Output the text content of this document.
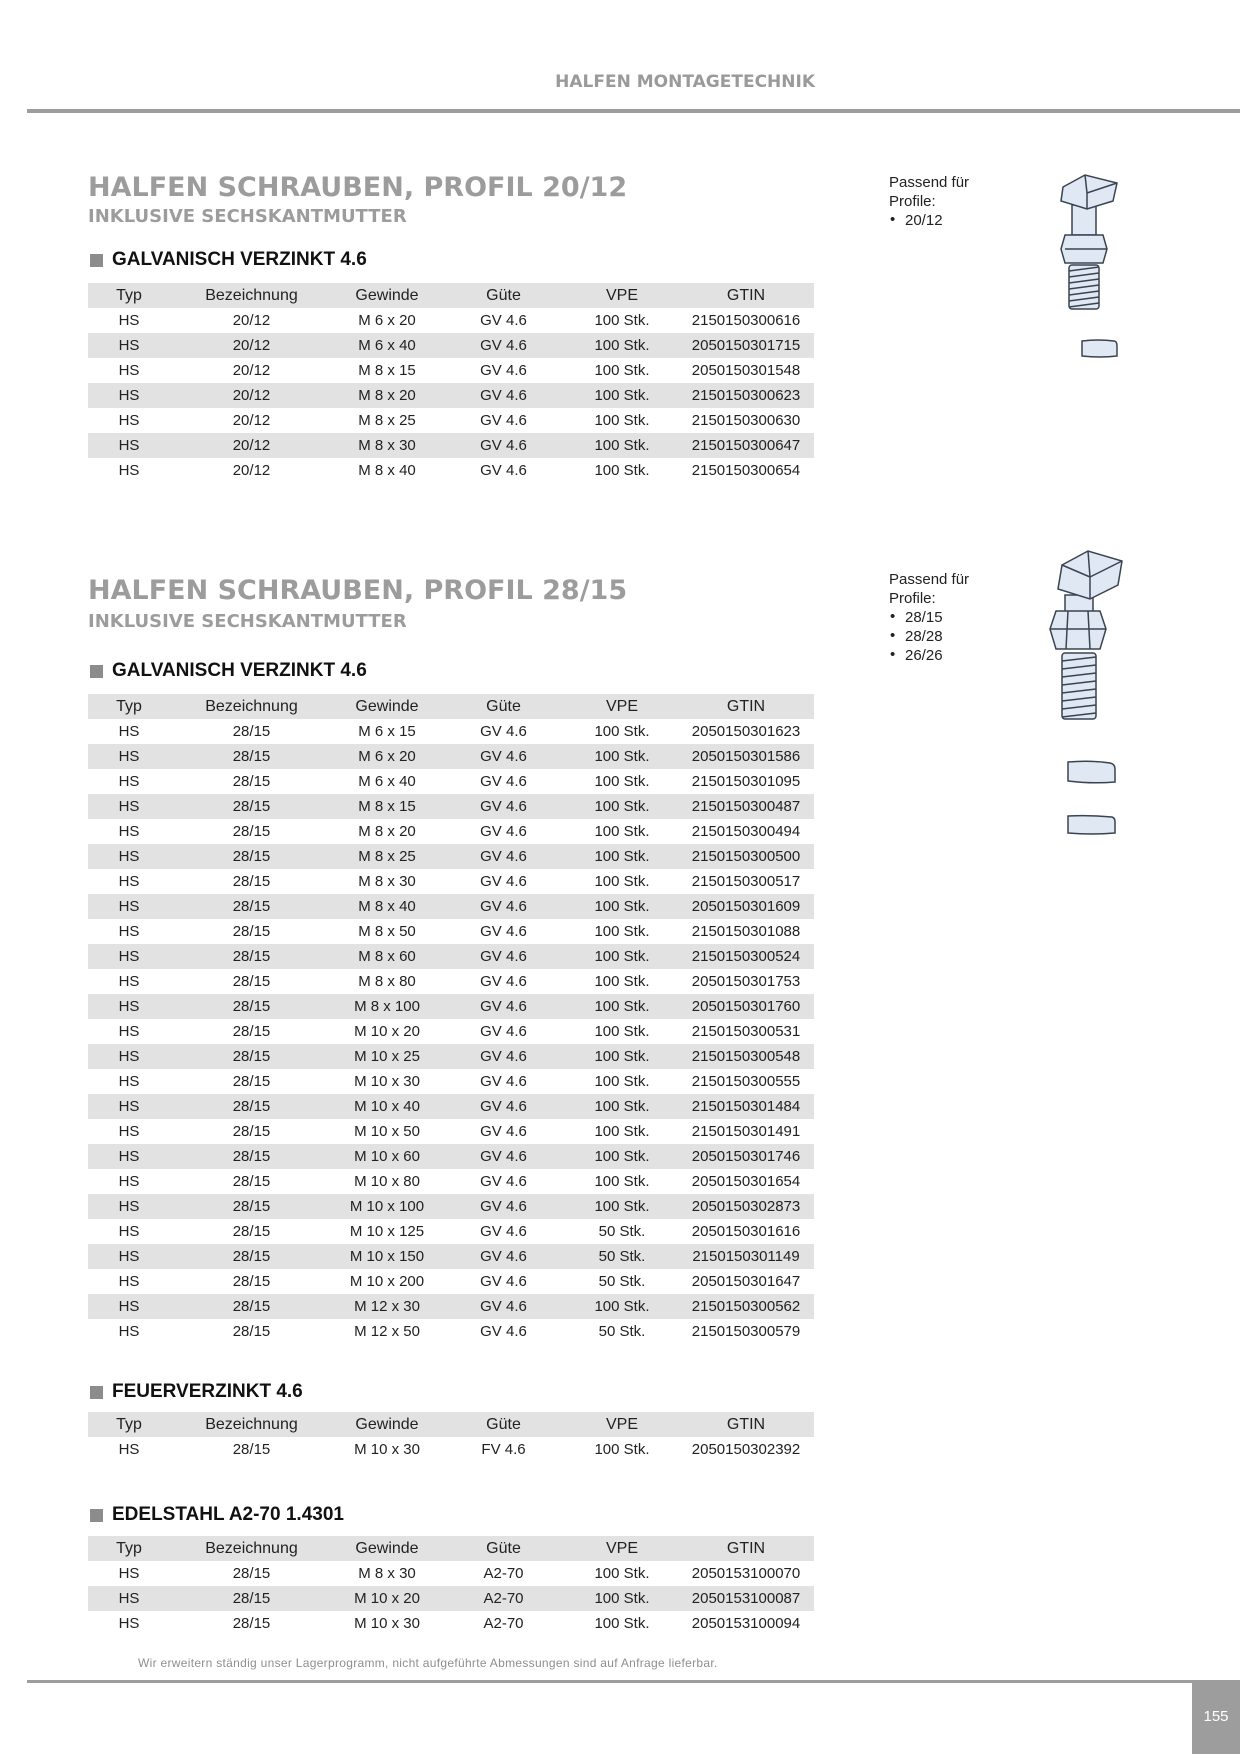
HALFEN MONTAGETECHNIK
HALFEN SCHRAUBEN, PROFIL 20/12
INKLUSIVE SECHSKANTMUTTER
GALVANISCH VERZINKT 4.6
Typ	Bezeichnung	Gewinde	Güte	VPE	GTIN
HS	20/12	M 6 x 20	GV 4.6	100 Stk.	2150150300616
HS	20/12	M 6 x 40	GV 4.6	100 Stk.	2050150301715
HS	20/12	M 8 x 15	GV 4.6	100 Stk.	2050150301548
HS	20/12	M 8 x 20	GV 4.6	100 Stk.	2150150300623
HS	20/12	M 8 x 25	GV 4.6	100 Stk.	2150150300630
HS	20/12	M 8 x 30	GV 4.6	100 Stk.	2150150300647
HS	20/12	M 8 x 40	GV 4.6	100 Stk.	2150150300654
Passend für Profile:
• 20/12
HALFEN SCHRAUBEN, PROFIL 28/15
INKLUSIVE SECHSKANTMUTTER
GALVANISCH VERZINKT 4.6
Typ	Bezeichnung	Gewinde	Güte	VPE	GTIN
HS	28/15	M 6 x 15	GV 4.6	100 Stk.	2050150301623
HS	28/15	M 6 x 20	GV 4.6	100 Stk.	2050150301586
HS	28/15	M 6 x 40	GV 4.6	100 Stk.	2150150301095
HS	28/15	M 8 x 15	GV 4.6	100 Stk.	2150150300487
HS	28/15	M 8 x 20	GV 4.6	100 Stk.	2150150300494
HS	28/15	M 8 x 25	GV 4.6	100 Stk.	2150150300500
HS	28/15	M 8 x 30	GV 4.6	100 Stk.	2150150300517
HS	28/15	M 8 x 40	GV 4.6	100 Stk.	2050150301609
HS	28/15	M 8 x 50	GV 4.6	100 Stk.	2150150301088
HS	28/15	M 8 x 60	GV 4.6	100 Stk.	2150150300524
HS	28/15	M 8 x 80	GV 4.6	100 Stk.	2050150301753
HS	28/15	M 8 x 100	GV 4.6	100 Stk.	2050150301760
HS	28/15	M 10 x 20	GV 4.6	100 Stk.	2150150300531
HS	28/15	M 10 x 25	GV 4.6	100 Stk.	2150150300548
HS	28/15	M 10 x 30	GV 4.6	100 Stk.	2150150300555
HS	28/15	M 10 x 40	GV 4.6	100 Stk.	2150150301484
HS	28/15	M 10 x 50	GV 4.6	100 Stk.	2150150301491
HS	28/15	M 10 x 60	GV 4.6	100 Stk.	2050150301746
HS	28/15	M 10 x 80	GV 4.6	100 Stk.	2050150301654
HS	28/15	M 10 x 100	GV 4.6	100 Stk.	2050150302873
HS	28/15	M 10 x 125	GV 4.6	50 Stk.	2050150301616
HS	28/15	M 10 x 150	GV 4.6	50 Stk.	2150150301149
HS	28/15	M 10 x 200	GV 4.6	50 Stk.	2050150301647
HS	28/15	M 12 x 30	GV 4.6	100 Stk.	2150150300562
HS	28/15	M 12 x 50	GV 4.6	50 Stk.	2150150300579
FEUERVERZINKT 4.6
Typ	Bezeichnung	Gewinde	Güte	VPE	GTIN
HS	28/15	M 10 x 30	FV 4.6	100 Stk.	2050150302392
EDELSTAHL A2-70 1.4301
Typ	Bezeichnung	Gewinde	Güte	VPE	GTIN
HS	28/15	M 8 x 30	A2-70	100 Stk.	2050153100070
HS	28/15	M 10 x 20	A2-70	100 Stk.	2050153100087
HS	28/15	M 10 x 30	A2-70	100 Stk.	2050153100094
Passend für Profile:
• 28/15
• 28/28
• 26/26
Wir erweitern ständig unser Lagerprogramm, nicht aufgeführte Abmessungen sind auf Anfrage lieferbar.
155
